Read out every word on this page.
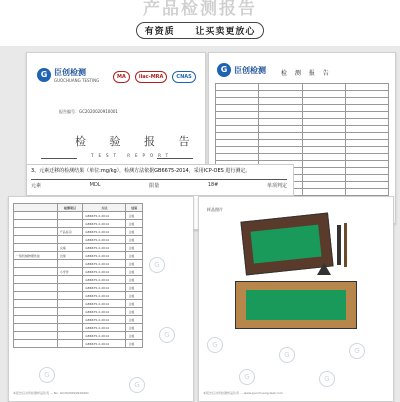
产品检测报告
有资质 让买卖更放心
G 臣创检测	检 测 报 告

G 臣创检测
GUOCHUANG TESTING
MA	ilac-MRA	CNAS
报告编号：GC2020020910001
检 验 报 告
TEST REPORT
	检测项目	方法	结果
		GB6675.2-2014	合格
		GB6675.2-2014	合格
	产品标识	GB6675.2-2014	合格
		GB6675.2-2014	合格
	尖端	GB6675.2-2014	合格
一般机械物理性能	边缘	GB6675.2-2014	合格
		GB6675.2-2014	合格
	小零件	GB6675.2-2014	合格
		GB6675.2-2014	合格
		GB6675.2-2014	合格
		GB6675.2-2014	合格
		GB6675.2-2014	合格
		GB6675.2-2014	合格
		GB6675.2-2014	合格
		GB6675.2-2014	合格
		GB6675.2-2014	合格
		GB6675.2-2014	合格
G
G
G
G
本报告仅对所检测样品负责 ... No. GC2020020910001
样品照片
G
G	G
G	G
本报告仅对所检测样品负责 ... www.guochuang-test.com
3、元素迁移的检测结果（单位:mg/kg），检测方法依据GB6675-2014，采用ICP-OES 进行测定。
元素	MDL	限量	18#	单项判定
